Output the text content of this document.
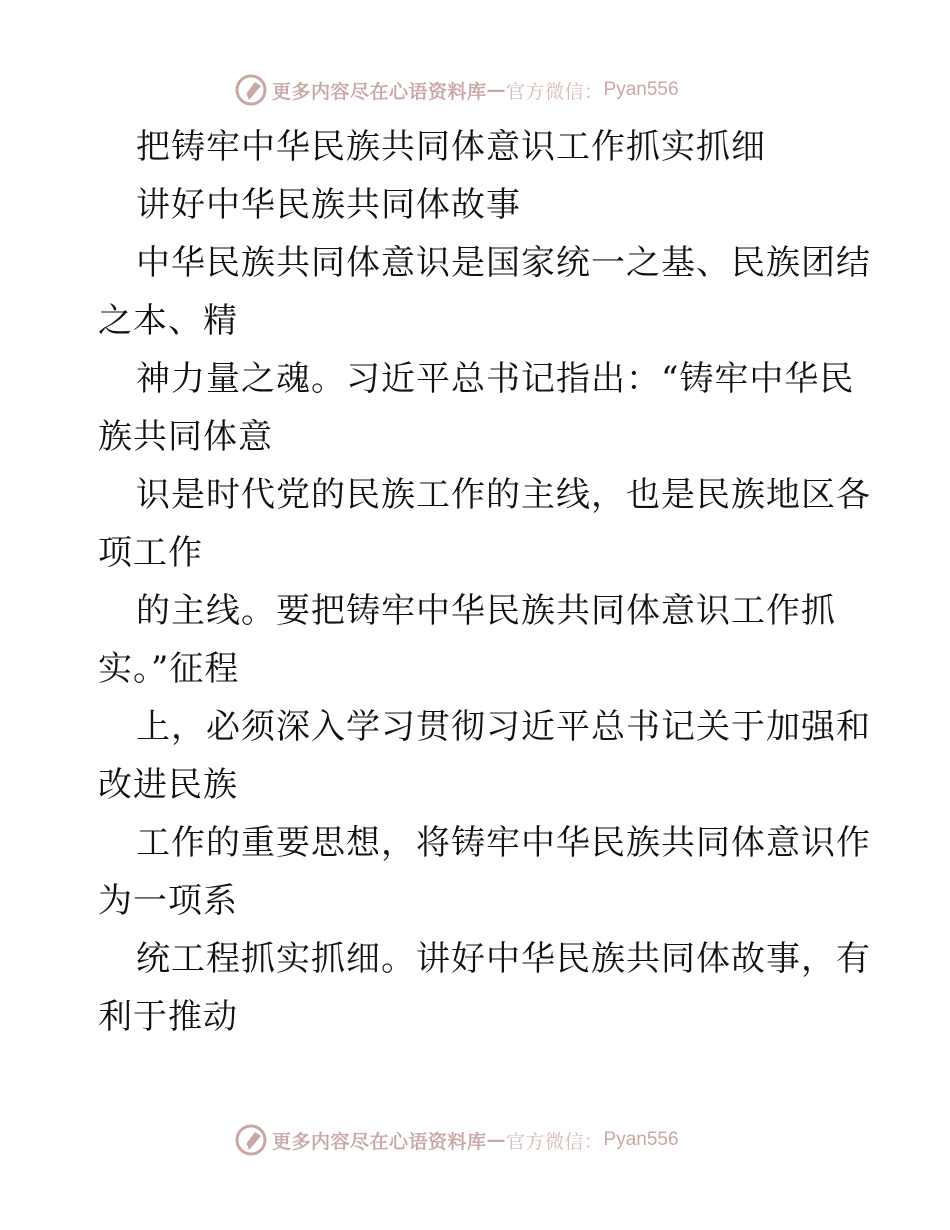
更多内容尽在心语资料库 — 官方微信： Pyan556
把铸牢中华民族共同体意识工作抓实抓细
讲好中华民族共同体故事
中华民族共同体意识是国家统一之基、民族团结
之本、精
神力量之魂。习近平总书记指出：“铸牢中华民
族共同体意
识是时代党的民族工作的主线，也是民族地区各
项工作
的主线。要把铸牢中华民族共同体意识工作抓
实。”征程
上，必须深入学习贯彻习近平总书记关于加强和
改进民族
工作的重要思想，将铸牢中华民族共同体意识作
为一项系
统工程抓实抓细。讲好中华民族共同体故事，有
利于推动
更多内容尽在心语资料库 — 官方微信： Pyan556
